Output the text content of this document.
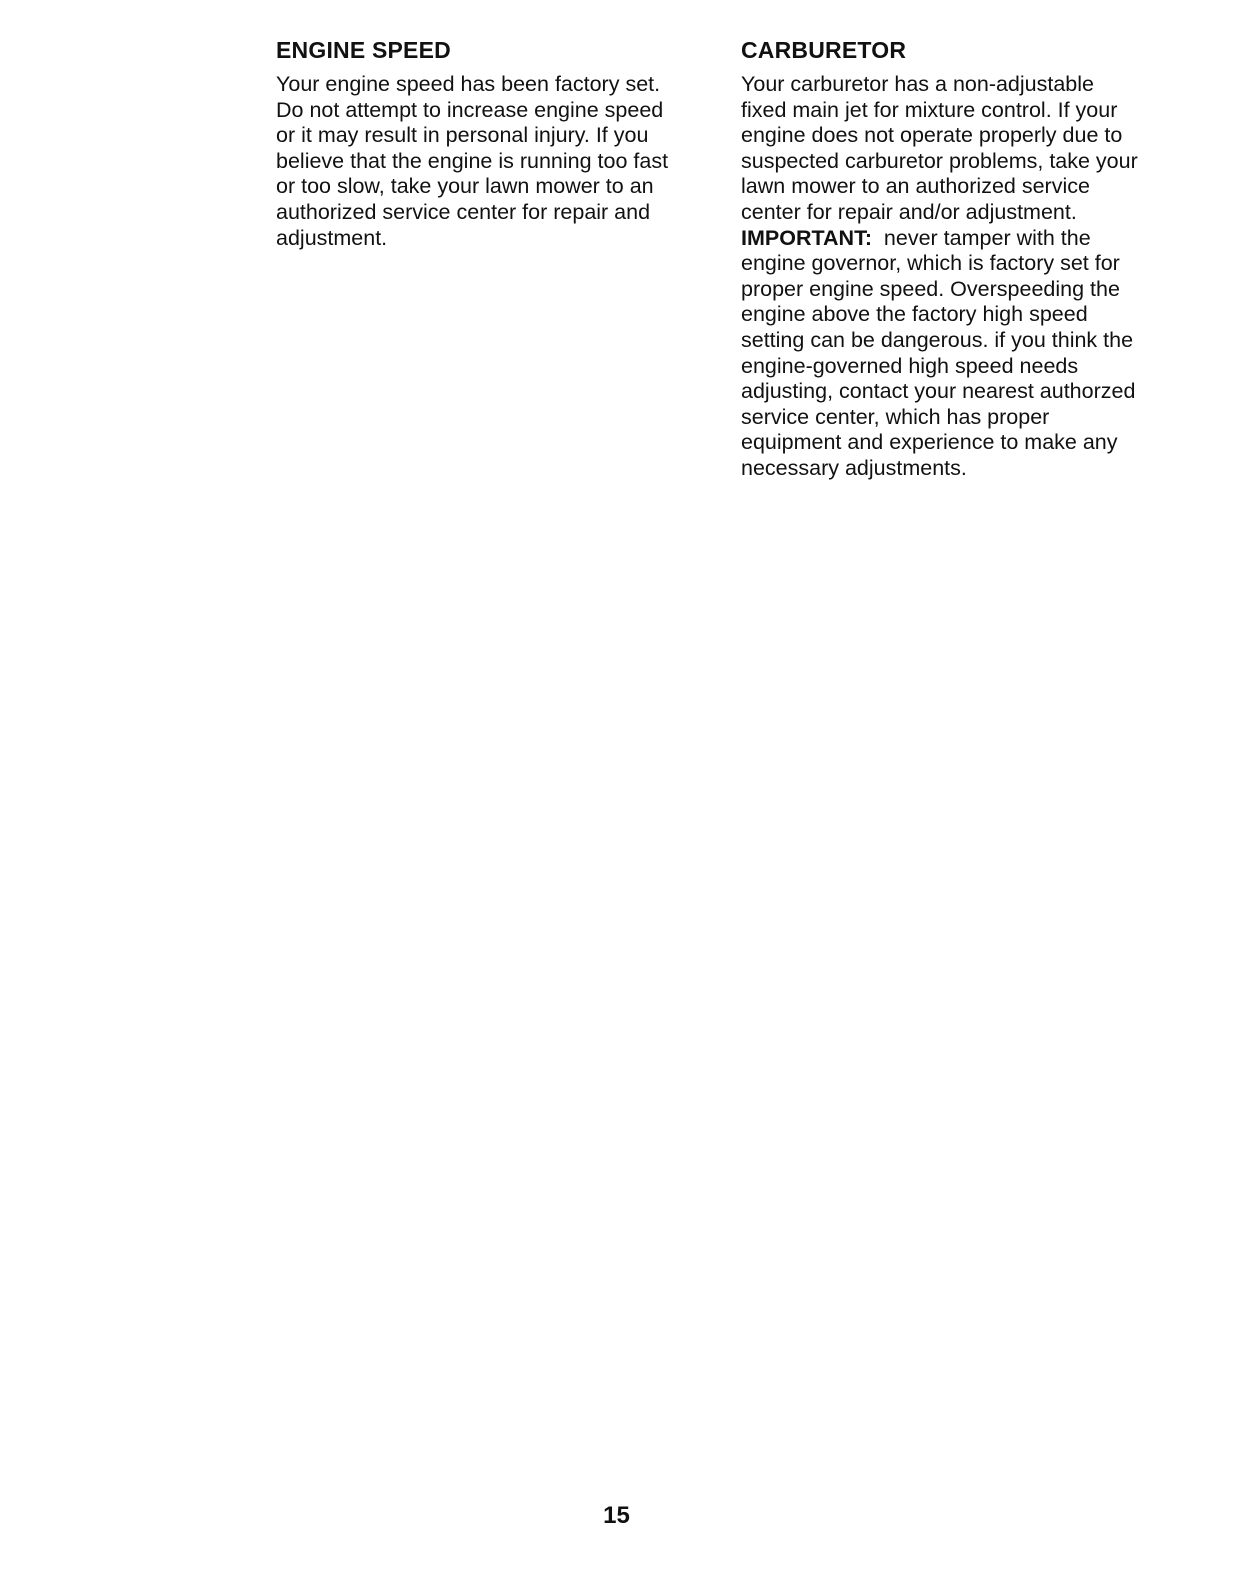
ENGINE SPEED
Your engine speed has been factory set.
Do not attempt to increase engine speed
or it may result in personal injury. If you
believe that the engine is running too fast
or too slow, take your lawn mower to an
authorized service center for repair and
adjustment.
CARBURETOR
Your carburetor has a non-adjustable
fixed main jet for mixture control. If your
engine does not operate properly due to
suspected carburetor problems, take your
lawn mower to an authorized service
center for repair and/or adjustment.
IMPORTANT:  never tamper with the
engine governor, which is factory set for
proper engine speed. Overspeeding the
engine above the factory high speed
setting can be dangerous. if you think the
engine-governed high speed needs
adjusting, contact your nearest authorzed
service center, which has proper
equipment and experience to make any
necessary adjustments.
15
